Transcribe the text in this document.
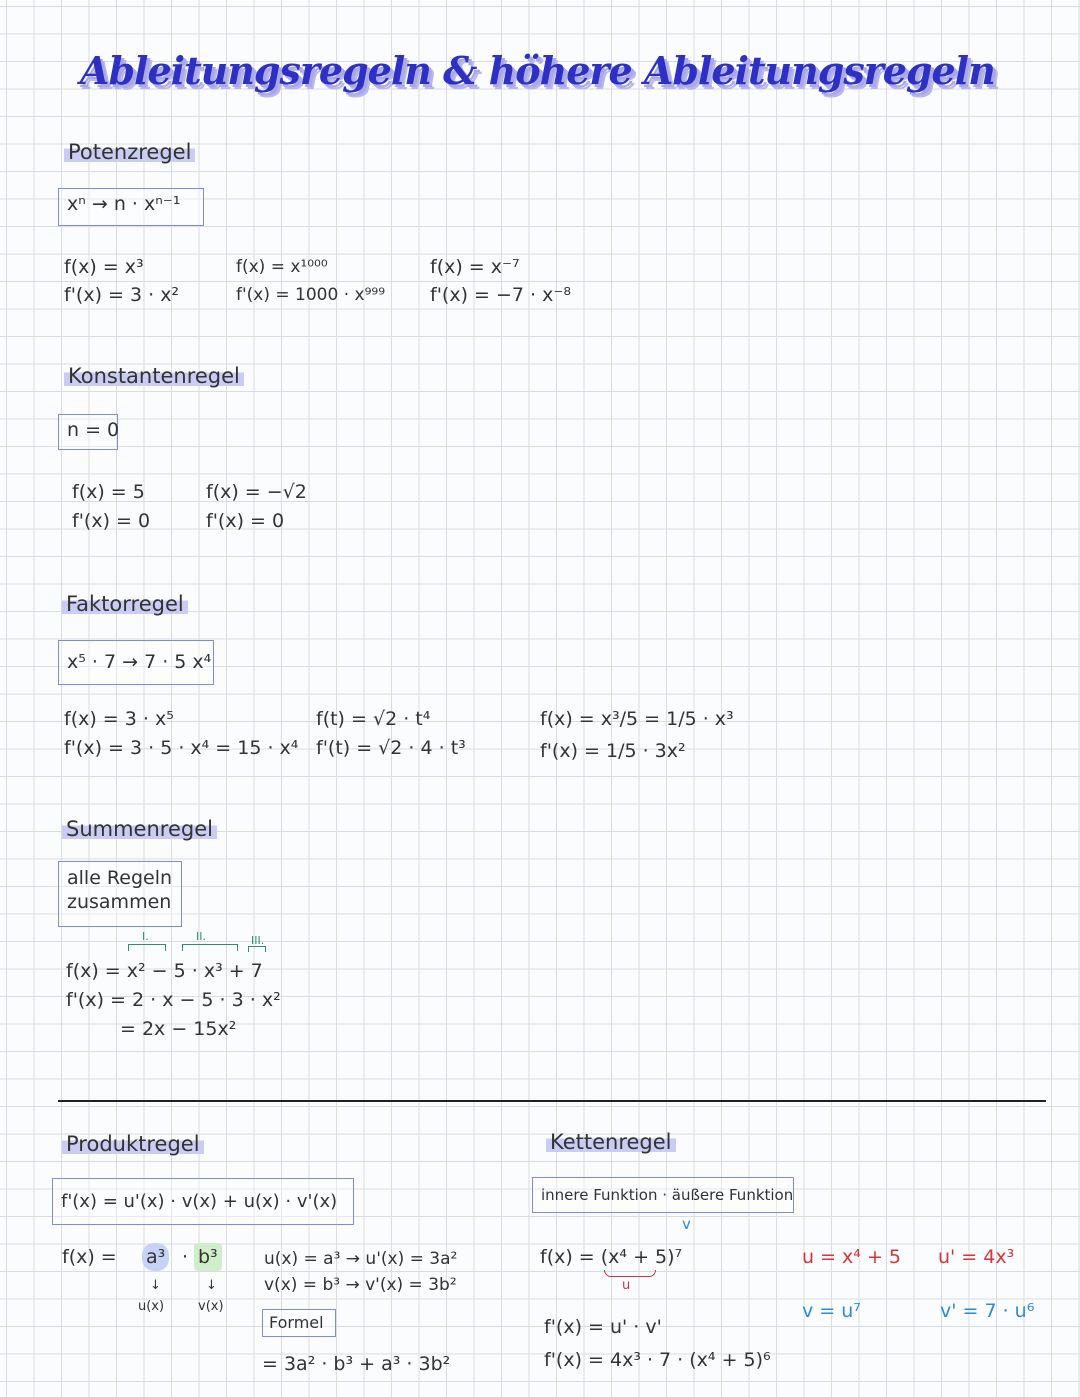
Ableitungsregeln & höhere Ableitungsregeln
Potenzregel
xⁿ → n · xⁿ⁻¹
f(x) = x³
f'(x) = 3 · x²
f(x) = x¹⁰⁰⁰
f'(x) = 1000 · x⁹⁹⁹
f(x) = x⁻⁷
f'(x) = −7 · x⁻⁸
Konstantenregel
n = 0
f(x) = 5
f'(x) = 0
f(x) = −√2
f'(x) = 0
Faktorregel
x⁵ · 7 → 7 · 5 x⁴
f(x) = 3 · x⁵
f'(x) = 3 · 5 · x⁴ = 15 · x⁴
f(t) = √2 · t⁴
f'(t) = √2 · 4 · t³
f(x) = x³/5 = 1/5 · x³
f'(x) = 1/5 · 3x²
Summenregel
alle Regeln
zusammen
I.	II.	III.
f(x) = x² − 5 · x³ + 7
f'(x) = 2 · x − 5 · 3 · x²
= 2x − 15x²
Produktregel
f'(x) = u'(x) · v(x) + u(x) · v'(x)
f(x) = a³ · b³
↓	↓
u(x)	v(x)
u(x) = a³ → u'(x) = 3a²
v(x) = b³ → v'(x) = 3b²
Formel
= 3a² · b³ + a³ · 3b²
Kettenregel
innere Funktion · äußere Funktion
v
f(x) = (x⁴ + 5)⁷
u
f'(x) = u' · v'
f'(x) = 4x³ · 7 · (x⁴ + 5)⁶
u = x⁴ + 5 u' = 4x³
v = u⁷	v' = 7 · u⁶
